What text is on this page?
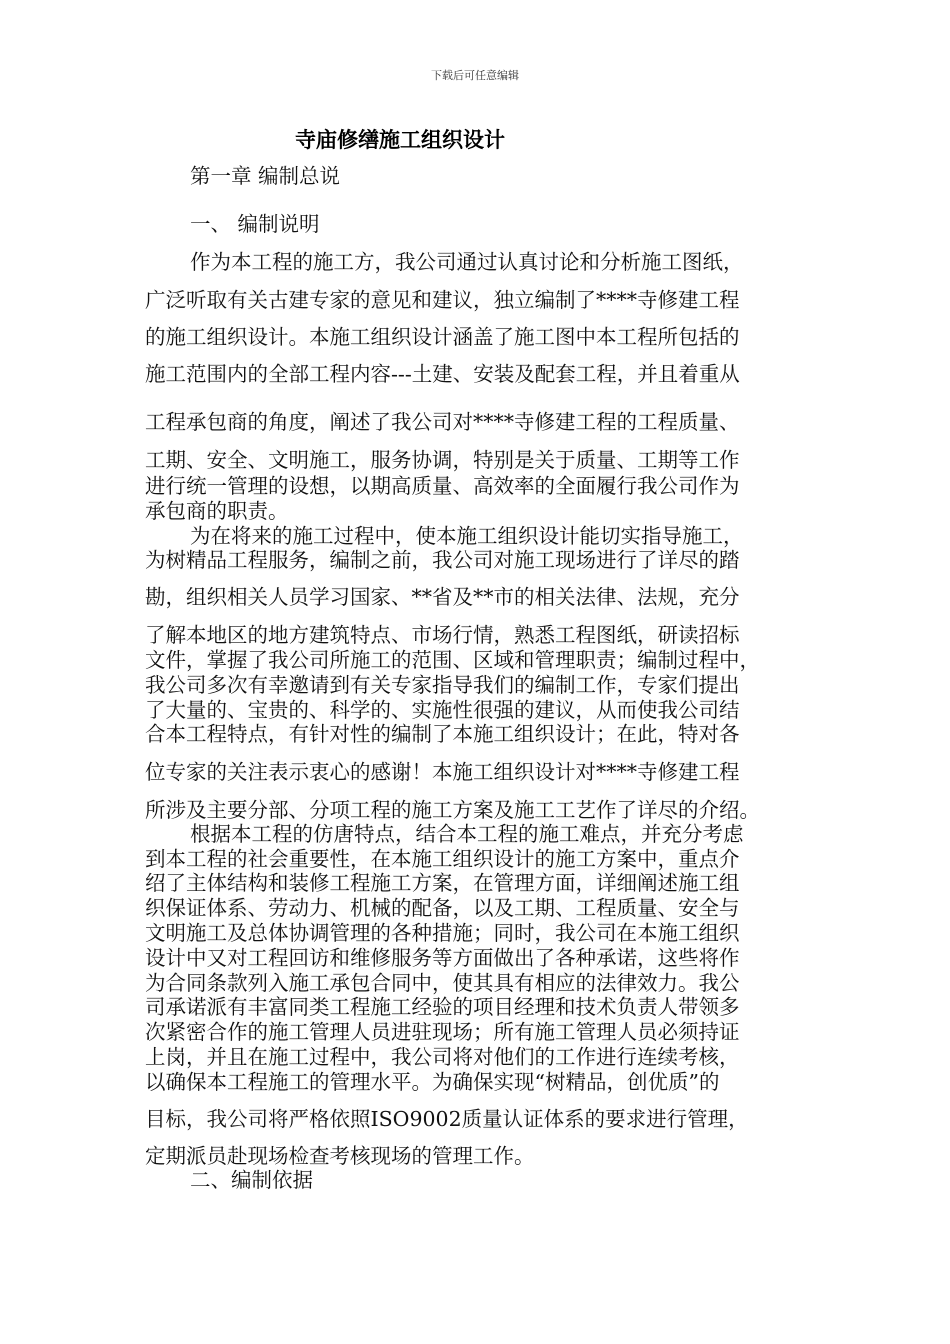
下载后可任意编辑
寺庙修缮施工组织设计
第一章 编制总说
一、 编制说明
作为本工程的施工方，我公司通过认真讨论和分析施工图纸，
广泛听取有关古建专家的意见和建议，独立编制了****寺修建工程
的施工组织设计。本施工组织设计涵盖了施工图中本工程所包括的
施工范围内的全部工程内容---土建、安装及配套工程，并且着重从
工程承包商的角度，阐述了我公司对****寺修建工程的工程质量、
工期、安全、文明施工，服务协调，特别是关于质量、工期等工作
进行统一管理的设想，以期高质量、高效率的全面履行我公司作为
承包商的职责。
为在将来的施工过程中，使本施工组织设计能切实指导施工，
为树精品工程服务，编制之前，我公司对施工现场进行了详尽的踏
勘，组织相关人员学习国家、**省及**市的相关法律、法规，充分
了解本地区的地方建筑特点、市场行情，熟悉工程图纸，研读招标
文件，掌握了我公司所施工的范围、区域和管理职责；编制过程中，
我公司多次有幸邀请到有关专家指导我们的编制工作，专家们提出
了大量的、宝贵的、科学的、实施性很强的建议，从而使我公司结
合本工程特点，有针对性的编制了本施工组织设计；在此，特对各
位专家的关注表示衷心的感谢！本施工组织设计对****寺修建工程
所涉及主要分部、分项工程的施工方案及施工工艺作了详尽的介绍。
根据本工程的仿唐特点，结合本工程的施工难点，并充分考虑
到本工程的社会重要性，在本施工组织设计的施工方案中，重点介
绍了主体结构和装修工程施工方案，在管理方面，详细阐述施工组
织保证体系、劳动力、机械的配备，以及工期、工程质量、安全与
文明施工及总体协调管理的各种措施；同时，我公司在本施工组织
设计中又对工程回访和维修服务等方面做出了各种承诺，这些将作
为合同条款列入施工承包合同中，使其具有相应的法律效力。我公
司承诺派有丰富同类工程施工经验的项目经理和技术负责人带领多
次紧密合作的施工管理人员进驻现场；所有施工管理人员必须持证
上岗，并且在施工过程中，我公司将对他们的工作进行连续考核，
以确保本工程施工的管理水平。为确保实现“树精品，创优质”的
目标，我公司将严格依照ISO9002质量认证体系的要求进行管理，
定期派员赴现场检查考核现场的管理工作。
二、编制依据
